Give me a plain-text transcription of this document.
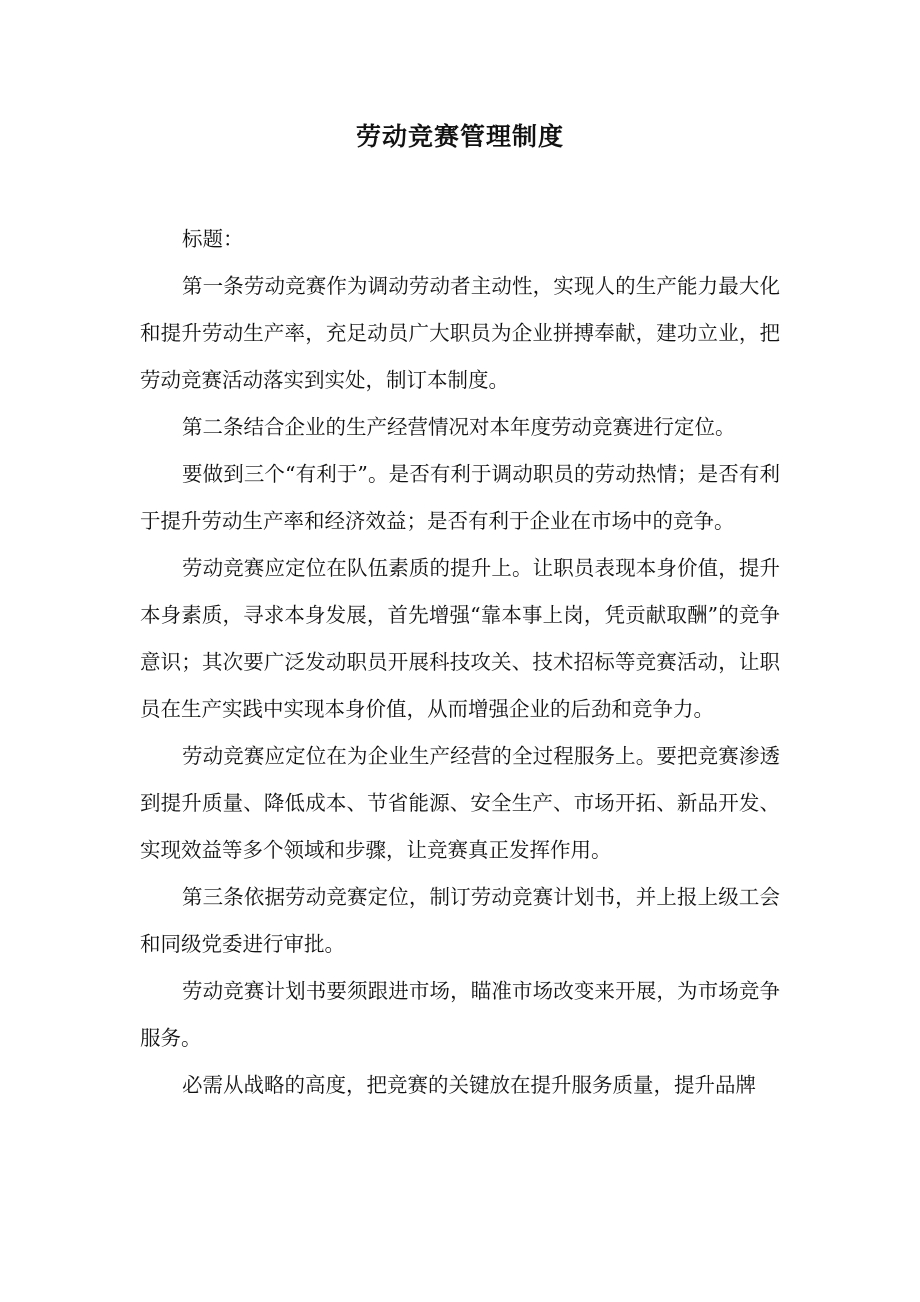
劳动竞赛管理制度

标题：

第一条劳动竞赛作为调动劳动者主动性，实现人的生产能力最大化和提升劳动生产率，充足动员广大职员为企业拼搏奉献，建功立业，把劳动竞赛活动落实到实处，制订本制度。

第二条结合企业的生产经营情况对本年度劳动竞赛进行定位。

要做到三个“有利于”。是否有利于调动职员的劳动热情；是否有利于提升劳动生产率和经济效益；是否有利于企业在市场中的竞争。

劳动竞赛应定位在队伍素质的提升上。让职员表现本身价值，提升本身素质，寻求本身发展，首先增强“靠本事上岗，凭贡献取酬”的竞争意识；其次要广泛发动职员开展科技攻关、技术招标等竞赛活动，让职员在生产实践中实现本身价值，从而增强企业的后劲和竞争力。

劳动竞赛应定位在为企业生产经营的全过程服务上。要把竞赛渗透到提升质量、降低成本、节省能源、安全生产、市场开拓、新品开发、实现效益等多个领域和步骤，让竞赛真正发挥作用。

第三条依据劳动竞赛定位，制订劳动竞赛计划书，并上报上级工会和同级党委进行审批。

劳动竞赛计划书要须跟进市场，瞄准市场改变来开展，为市场竞争服务。

必需从战略的高度，把竞赛的关键放在提升服务质量，提升品牌
